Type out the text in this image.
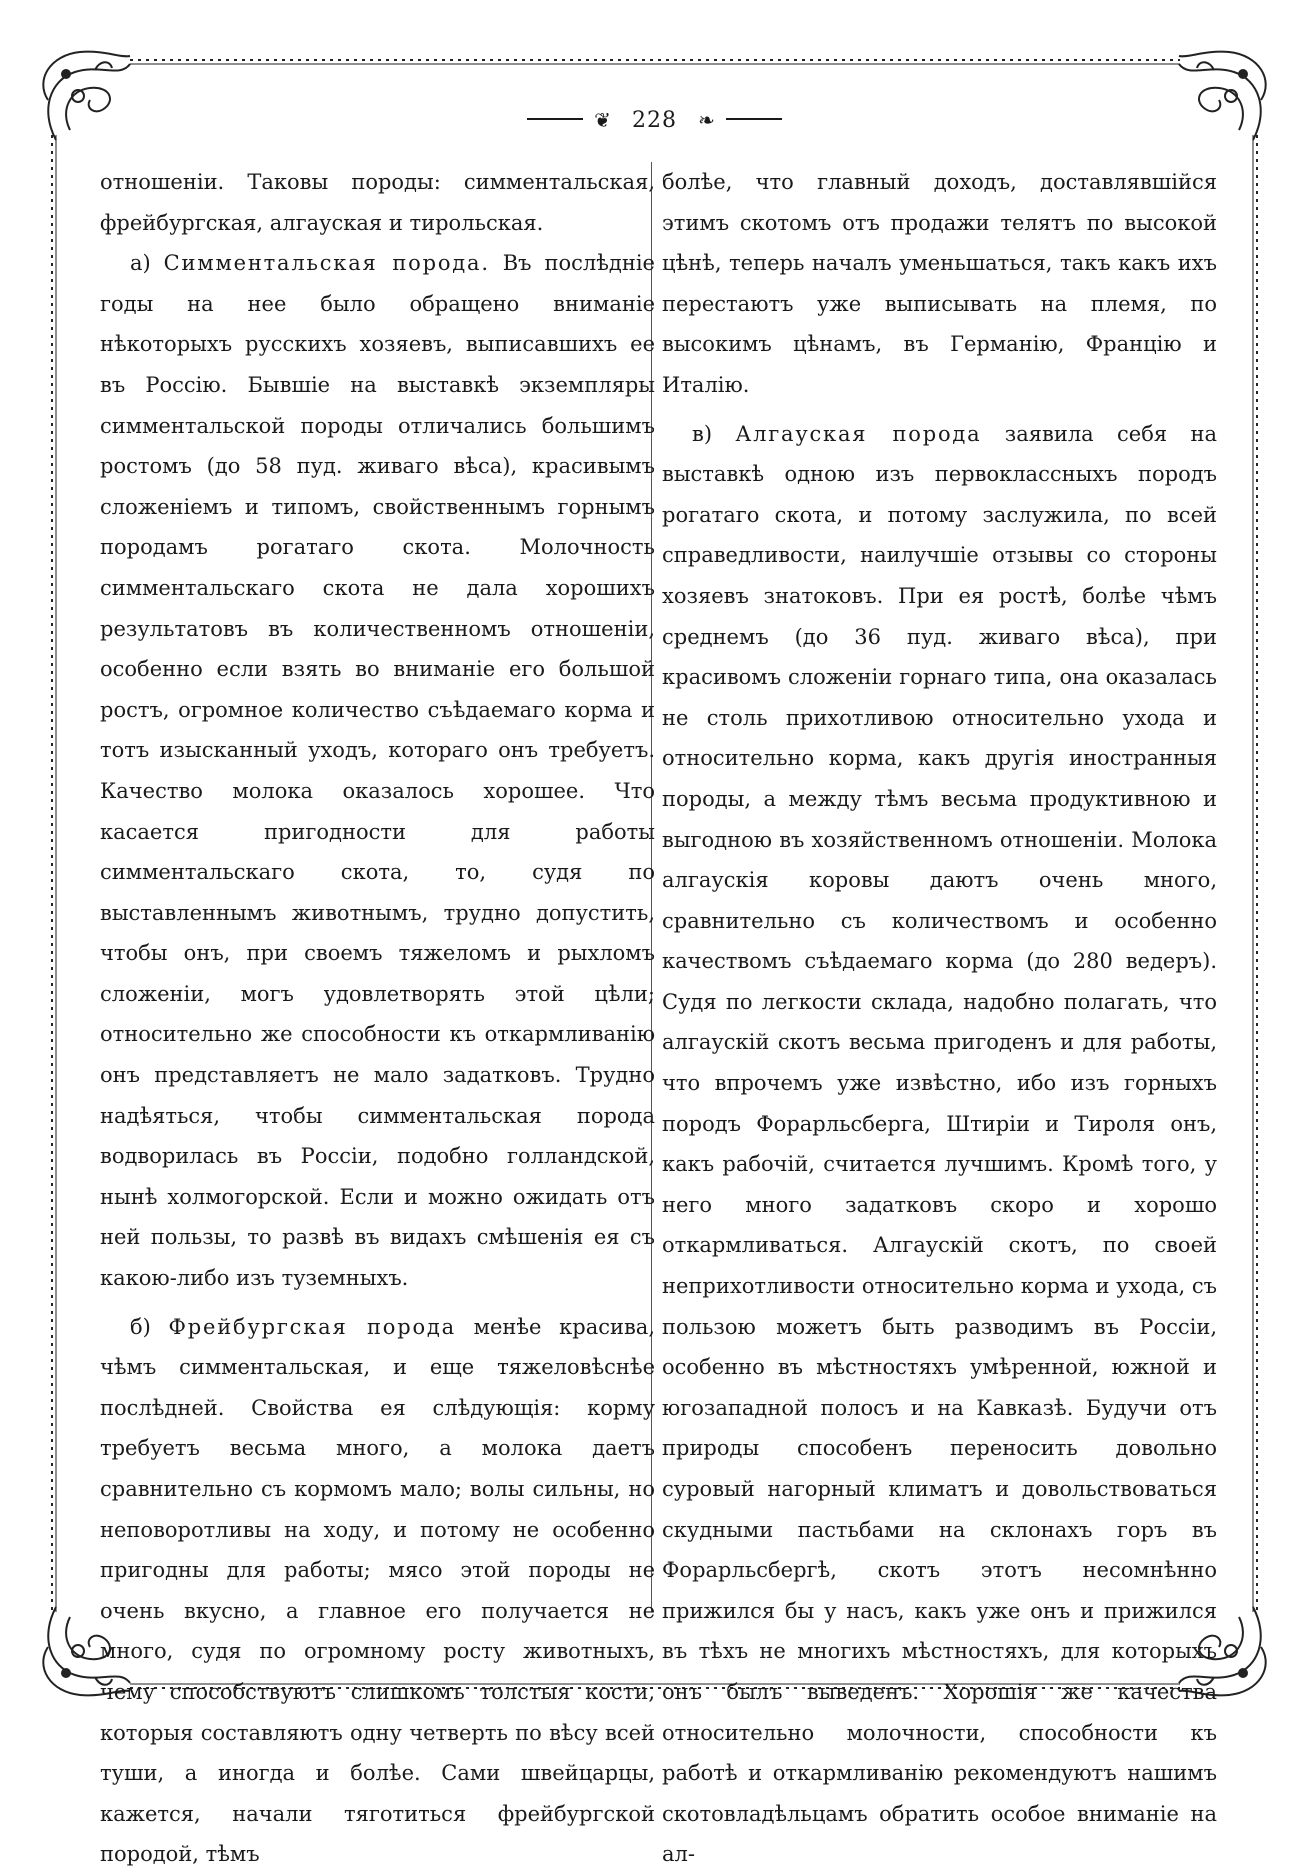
❦ 228 ❧

отношеніи. Таковы породы: симментальская, фрейбургская, алгауская и тирольская.

а) Симментальская порода. Въ послѣдніе годы на нее было обращено вниманіе нѣкоторыхъ русскихъ хозяевъ, выписавшихъ ее въ Россію. Бывшіе на выставкѣ экземпляры симментальской породы отличались большимъ ростомъ (до 58 пуд. живаго вѣса), красивымъ сложеніемъ и типомъ, свойственнымъ горнымъ породамъ рогатаго скота. Молочность симментальскаго скота не дала хорошихъ результатовъ въ количественномъ отношеніи, особенно если взять во вниманіе его большой ростъ, огромное количество съѣдаемаго корма и тотъ изысканный уходъ, котораго онъ требуетъ. Качество молока оказалось хорошее. Что касается пригодности для работы симментальскаго скота, то, судя по выставленнымъ животнымъ, трудно допустить, чтобы онъ, при своемъ тяжеломъ и рыхломъ сложеніи, могъ удовлетворять этой цѣли; относительно же способности къ откармливанію онъ представляетъ не мало задатковъ. Трудно надѣяться, чтобы симментальская порода водворилась въ Россіи, подобно голландской, нынѣ холмогорской. Если и можно ожидать отъ ней пользы, то развѣ въ видахъ смѣшенія ея съ какою-либо изъ туземныхъ.

б) Фрейбургская порода менѣе красива, чѣмъ симментальская, и еще тяжеловѣснѣе послѣдней. Свойства ея слѣдующія: корму требуетъ весьма много, а молока даетъ сравнительно съ кормомъ мало; волы сильны, но неповоротливы на ходу, и потому не особенно пригодны для работы; мясо этой породы не очень вкусно, а главное его получается не много, судя по огромному росту животныхъ, чему способствуютъ слишкомъ толстыя кости, которыя составляютъ одну четверть по вѣсу всей туши, а иногда и болѣе. Сами швейцарцы, кажется, начали тяготиться фрейбургской породой, тѣмъ

болѣе, что главный доходъ, доставлявшійся этимъ скотомъ отъ продажи телятъ по высокой цѣнѣ, теперь началъ уменьшаться, такъ какъ ихъ перестаютъ уже выписывать на племя, по высокимъ цѣнамъ, въ Германію, Францію и Италію.

в) Алгауская порода заявила себя на выставкѣ одною изъ первоклассныхъ породъ рогатаго скота, и потому заслужила, по всей справедливости, наилучшіе отзывы со стороны хозяевъ знатоковъ. При ея ростѣ, болѣе чѣмъ среднемъ (до 36 пуд. живаго вѣса), при красивомъ сложеніи горнаго типа, она оказалась не столь прихотливою относительно ухода и относительно корма, какъ другія иностранныя породы, а между тѣмъ весьма продуктивною и выгодною въ хозяйственномъ отношеніи. Молока алгаускія коровы даютъ очень много, сравнительно съ количествомъ и особенно качествомъ съѣдаемаго корма (до 280 ведеръ). Судя по легкости склада, надобно полагать, что алгаускій скотъ весьма пригоденъ и для работы, что впрочемъ уже извѣстно, ибо изъ горныхъ породъ Форарльсберга, Штиріи и Тироля онъ, какъ рабочій, считается лучшимъ. Кромѣ того, у него много задатковъ скоро и хорошо откармливаться. Алгаускій скотъ, по своей неприхотливости относительно корма и ухода, съ пользою можетъ быть разводимъ въ Россіи, особенно въ мѣстностяхъ умѣренной, южной и югозападной полосъ и на Кавказѣ. Будучи отъ природы способенъ переносить довольно суровый нагорный климатъ и довольствоваться скудными пастьбами на склонахъ горъ въ Форарльсбергѣ, скотъ этотъ несомнѣнно прижился бы у насъ, какъ уже онъ и прижился въ тѣхъ не многихъ мѣстностяхъ, для которыхъ онъ былъ выведенъ. Хорошія же качества относительно молочности, способности къ работѣ и откармливанію рекомендуютъ нашимъ скотовладѣльцамъ обратить особое вниманіе на ал-
